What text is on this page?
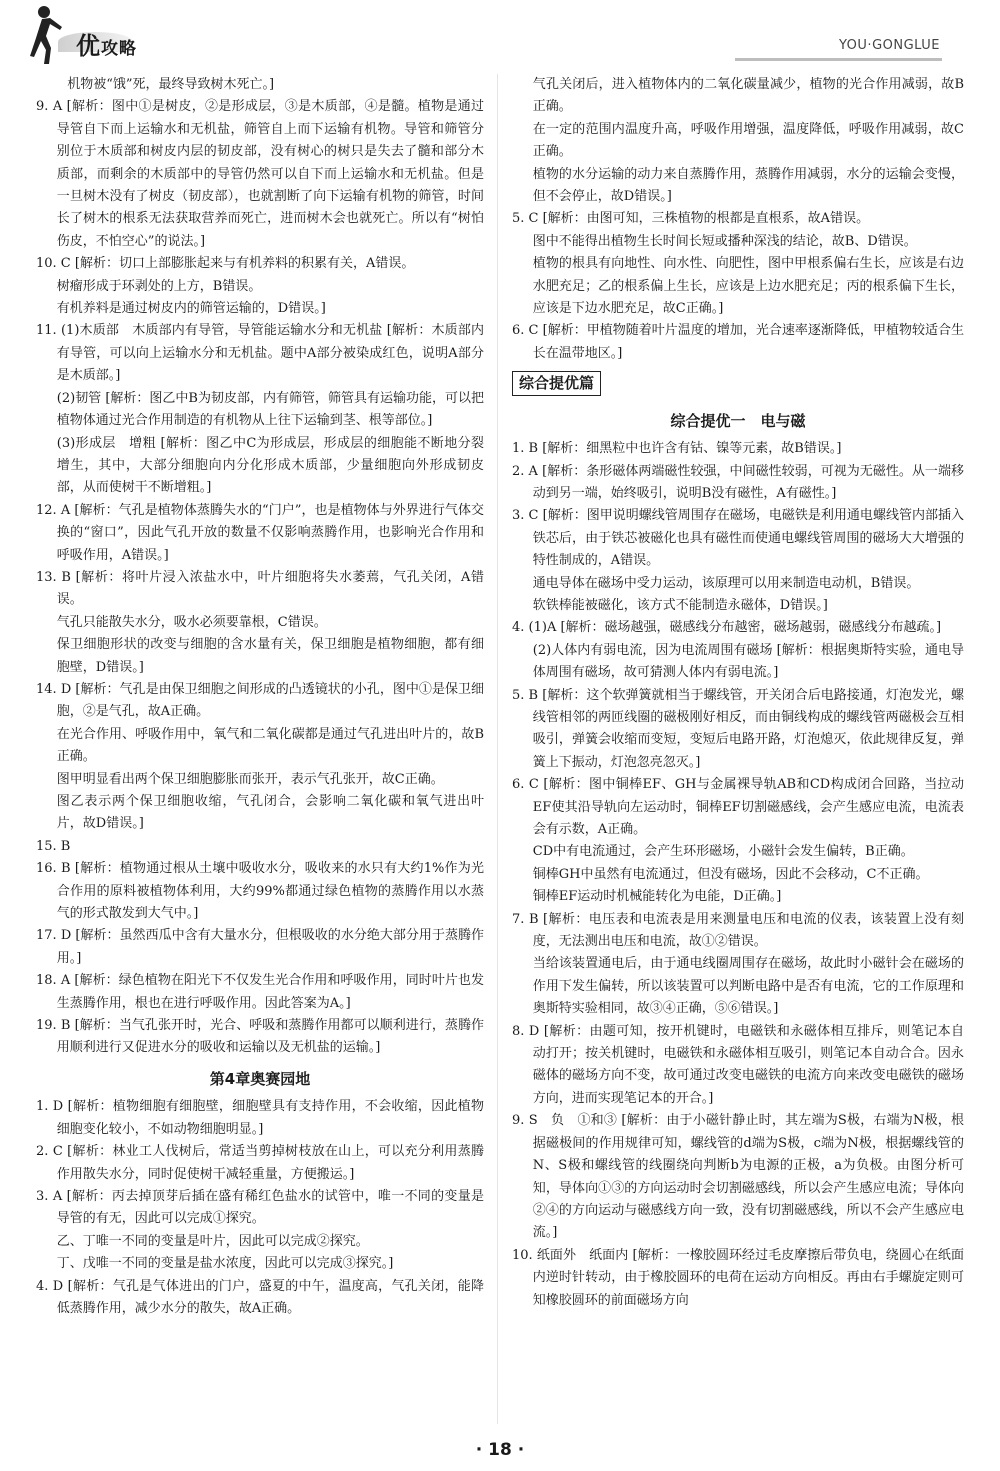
优攻略	YOU·GONGLUE

机物被“饿”死，最终导致树木死亡。]

9. A [解析：图中①是树皮，②是形成层，③是木质部，④是髓。植物是通过导管自下而上运输水和无机盐，筛管自上而下运输有机物。导管和筛管分别位于木质部和树皮内层的韧皮部，没有树心的树只是失去了髓和部分木质部，而剩余的木质部中的导管仍然可以自下而上运输水和无机盐。但是一旦树木没有了树皮（韧皮部），也就割断了向下运输有机物的筛管，时间长了树木的根系无法获取营养而死亡，进而树木会也就死亡。所以有“树怕伤皮，不怕空心”的说法。]

10. C [解析：切口上部膨胀起来与有机养料的积累有关，A错误。

树瘤形成于环剥处的上方，B错误。

有机养料是通过树皮内的筛管运输的，D错误。]

11. (1)木质部　木质部内有导管，导管能运输水分和无机盐 [解析：木质部内有导管，可以向上运输水分和无机盐。题中A部分被染成红色，说明A部分是木质部。]

(2)韧管 [解析：图乙中B为韧皮部，内有筛管，筛管具有运输功能，可以把植物体通过光合作用制造的有机物从上往下运输到茎、根等部位。]

(3)形成层　增粗 [解析：图乙中C为形成层，形成层的细胞能不断地分裂增生，其中，大部分细胞向内分化形成木质部，少量细胞向外形成韧皮部，从而使树干不断增粗。]

12. A [解析：气孔是植物体蒸腾失水的“门户”，也是植物体与外界进行气体交换的“窗口”，因此气孔开放的数量不仅影响蒸腾作用，也影响光合作用和呼吸作用，A错误。]

13. B [解析：将叶片浸入浓盐水中，叶片细胞将失水萎蔫，气孔关闭，A错误。

气孔只能散失水分，吸水必须要靠根，C错误。

保卫细胞形状的改变与细胞的含水量有关，保卫细胞是植物细胞，都有细胞壁，D错误。]

14. D [解析：气孔是由保卫细胞之间形成的凸透镜状的小孔，图中①是保卫细胞，②是气孔，故A正确。

在光合作用、呼吸作用中，氧气和二氧化碳都是通过气孔进出叶片的，故B正确。

图甲明显看出两个保卫细胞膨胀而张开，表示气孔张开，故C正确。

图乙表示两个保卫细胞收缩，气孔闭合，会影响二氧化碳和氧气进出叶片，故D错误。]

15. B

16. B [解析：植物通过根从土壤中吸收水分，吸收来的水只有大约1%作为光合作用的原料被植物体利用，大约99%都通过绿色植物的蒸腾作用以水蒸气的形式散发到大气中。]

17. D [解析：虽然西瓜中含有大量水分，但根吸收的水分绝大部分用于蒸腾作用。]

18. A [解析：绿色植物在阳光下不仅发生光合作用和呼吸作用，同时叶片也发生蒸腾作用，根也在进行呼吸作用。因此答案为A。]

19. B [解析：当气孔张开时，光合、呼吸和蒸腾作用都可以顺利进行，蒸腾作用顺利进行又促进水分的吸收和运输以及无机盐的运输。]

第4章奥赛园地

1. D [解析：植物细胞有细胞壁，细胞壁具有支持作用，不会收缩，因此植物细胞变化较小，不如动物细胞明显。]

2. C [解析：林业工人伐树后，常适当剪掉树枝放在山上，可以充分利用蒸腾作用散失水分，同时促使树干减轻重量，方便搬运。]

3. A [解析：丙去掉顶芽后插在盛有稀红色盐水的试管中，唯一不同的变量是导管的有无，因此可以完成①探究。

乙、丁唯一不同的变量是叶片，因此可以完成②探究。

丁、戊唯一不同的变量是盐水浓度，因此可以完成③探究。]

4. D [解析：气孔是气体进出的门户，盛夏的中午，温度高，气孔关闭，能降低蒸腾作用，减少水分的散失，故A正确。

气孔关闭后，进入植物体内的二氧化碳量减少，植物的光合作用减弱，故B正确。

在一定的范围内温度升高，呼吸作用增强，温度降低，呼吸作用减弱，故C正确。

植物的水分运输的动力来自蒸腾作用，蒸腾作用减弱，水分的运输会变慢，但不会停止，故D错误。]

5. C [解析：由图可知，三株植物的根都是直根系，故A错误。

图中不能得出植物生长时间长短或播种深浅的结论，故B、D错误。

植物的根具有向地性、向水性、向肥性，图中甲根系偏右生长，应该是右边水肥充足；乙的根系偏上生长，应该是上边水肥充足；丙的根系偏下生长，应该是下边水肥充足，故C正确。]

6. C [解析：甲植物随着叶片温度的增加，光合速率逐渐降低，甲植物较适合生长在温带地区。]

综合提优篇
综合提优一　电与磁

1. B [解析：细黑粒中也许含有钴、镍等元素，故B错误。]

2. A [解析：条形磁体两端磁性较强，中间磁性较弱，可视为无磁性。从一端移动到另一端，始终吸引，说明B没有磁性，A有磁性。]

3. C [解析：图甲说明螺线管周围存在磁场，电磁铁是利用通电螺线管内部插入铁芯后，由于铁芯被磁化也具有磁性而使通电螺线管周围的磁场大大增强的特性制成的，A错误。

通电导体在磁场中受力运动，该原理可以用来制造电动机，B错误。

软铁棒能被磁化，该方式不能制造永磁体，D错误。]

4. (1)A [解析：磁场越强，磁感线分布越密，磁场越弱，磁感线分布越疏。]

(2)人体内有弱电流，因为电流周围有磁场 [解析：根据奥斯特实验，通电导体周围有磁场，故可猜测人体内有弱电流。]

5. B [解析：这个软弹簧就相当于螺线管，开关闭合后电路接通，灯泡发光，螺线管相邻的两匝线圈的磁极刚好相反，而由铜线构成的螺线管两磁极会互相吸引，弹簧会收缩而变短，变短后电路开路，灯泡熄灭，依此规律反复，弹簧上下振动，灯泡忽亮忽灭。]

6. C [解析：图中铜棒EF、GH与金属裸导轨AB和CD构成闭合回路，当拉动EF使其沿导轨向左运动时，铜棒EF切割磁感线，会产生感应电流，电流表会有示数，A正确。

CD中有电流通过，会产生环形磁场，小磁针会发生偏转，B正确。

铜棒GH中虽然有电流通过，但没有磁场，因此不会移动，C不正确。

铜棒EF运动时机械能转化为电能，D正确。]

7. B [解析：电压表和电流表是用来测量电压和电流的仪表，该装置上没有刻度，无法测出电压和电流，故①②错误。

当给该装置通电后，由于通电线圈周围存在磁场，故此时小磁针会在磁场的作用下发生偏转，所以该装置可以判断电路中是否有电流，它的工作原理和奥斯特实验相同，故③④正确，⑤⑥错误。]

8. D [解析：由题可知，按开机键时，电磁铁和永磁体相互排斥，则笔记本自动打开；按关机键时，电磁铁和永磁体相互吸引，则笔记本自动合合。因永磁体的磁场方向不变，故可通过改变电磁铁的电流方向来改变电磁铁的磁场方向，进而实现笔记本的开合。]

9. S　负　①和③ [解析：由于小磁针静止时，其左端为S极，右端为N极，根据磁极间的作用规律可知，螺线管的d端为S极，c端为N极，根据螺线管的N、S极和螺线管的线圈绕向判断b为电源的正极，a为负极。由图分析可知，导体向①③的方向运动时会切割磁感线，所以会产生感应电流；导体向②④的方向运动与磁感线方向一致，没有切割磁感线，所以不会产生感应电流。]

10. 纸面外　纸面内 [解析：一橡胶圆环经过毛皮摩擦后带负电，绕圆心在纸面内逆时针转动，由于橡胶圆环的电荷在运动方向相反。再由右手螺旋定则可知橡胶圆环的前面磁场方向

· 18 ·
